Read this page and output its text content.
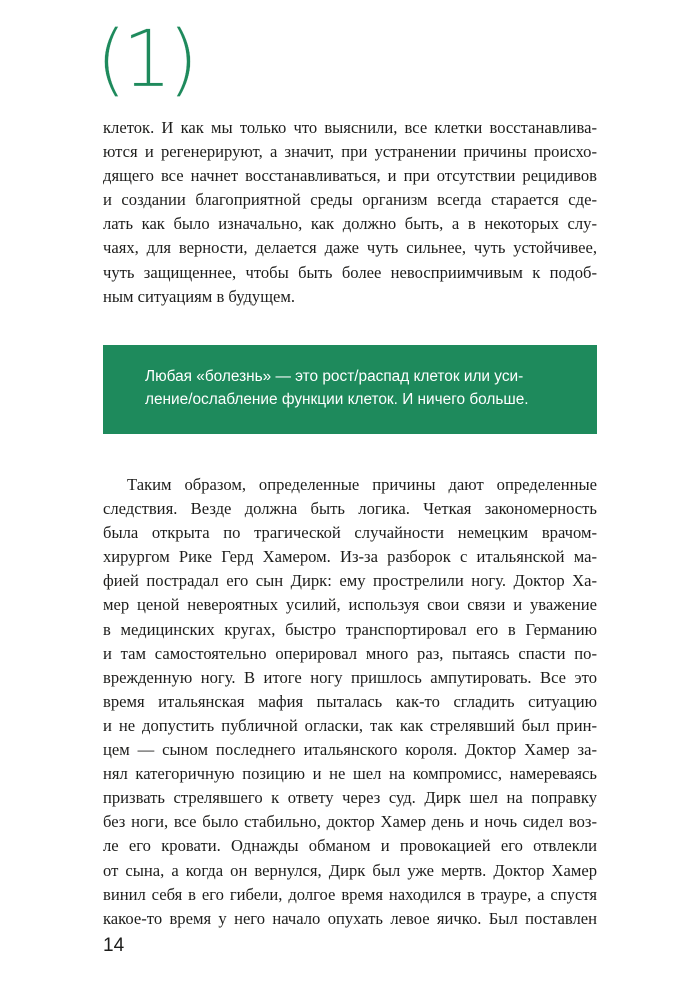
(1)
клеток. И как мы только что выяснили, все клетки восстанавлива-
ются и регенерируют, а значит, при устранении причины происхо-
дящего все начнет восстанавливаться, и при отсутствии рецидивов
и создании благоприятной среды организм всегда старается сде-
лать как было изначально, как должно быть, а в некоторых слу-
чаях, для верности, делается даже чуть сильнее, чуть устойчивее,
чуть защищеннее, чтобы быть более невосприимчивым к подоб-
ным ситуациям в будущем.

Любая «болезнь» — это рост/распад клеток или уси-
ление/ослабление функции клеток. И ничего больше.

Таким образом, определенные причины дают определенные
следствия. Везде должна быть логика. Четкая закономерность
была открыта по трагической случайности немецким врачом-
хирургом Рике Герд Хамером. Из-за разборок с итальянской ма-
фией пострадал его сын Дирк: ему прострелили ногу. Доктор Ха-
мер ценой невероятных усилий, используя свои связи и уважение
в медицинских кругах, быстро транспортировал его в Германию
и там самостоятельно оперировал много раз, пытаясь спасти по-
врежденную ногу. В итоге ногу пришлось ампутировать. Все это
время итальянская мафия пыталась как-то сгладить ситуацию
и не допустить публичной огласки, так как стрелявший был прин-
цем — сыном последнего итальянского короля. Доктор Хамер за-
нял категоричную позицию и не шел на компромисс, намереваясь
призвать стрелявшего к ответу через суд. Дирк шел на поправку
без ноги, все было стабильно, доктор Хамер день и ночь сидел воз-
ле его кровати. Однажды обманом и провокацией его отвлекли
от сына, а когда он вернулся, Дирк был уже мертв. Доктор Хамер
винил себя в его гибели, долгое время находился в трауре, а спустя
какое-то время у него начало опухать левое яичко. Был поставлен
14
